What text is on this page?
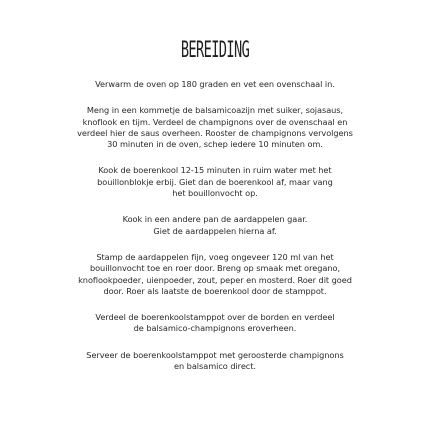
BEREIDING
Verwarm de oven op 180 graden en vet een ovenschaal in.
Meng in een kommetje de balsamicoazijn met suiker, sojasaus,
knoflook en tijm. Verdeel de champignons over de ovenschaal en
verdeel hier de saus overheen. Rooster de champignons vervolgens
30 minuten in de oven, schep iedere 10 minuten om.
Kook de boerenkool 12-15 minuten in ruim water met het
bouillonblokje erbij. Giet dan de boerenkool af, maar vang
het bouillonvocht op.
Kook in een andere pan de aardappelen gaar.
Giet de aardappelen hierna af.
Stamp de aardappelen fijn, voeg ongeveer 120 ml van het
bouillonvocht toe en roer door. Breng op smaak met oregano,
knoflookpoeder, uienpoeder, zout, peper en mosterd. Roer dit goed
door. Roer als laatste de boerenkool door de stamppot.
Verdeel de boerenkoolstamppot over de borden en verdeel
de balsamico-champignons eroverheen.
Serveer de boerenkoolstamppot met geroosterde champignons
en balsamico direct.
